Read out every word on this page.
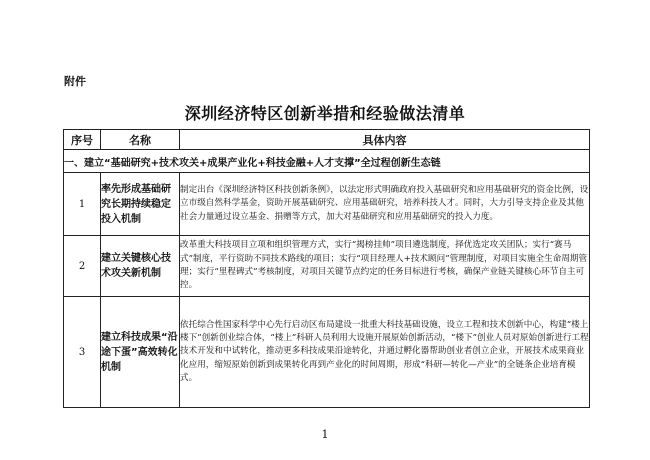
附件
深圳经济特区创新举措和经验做法清单
序号	名称	具体内容
一、建立“基础研究+技术攻关+成果产业化+科技金融+人才支撑”全过程创新生态链		
1	率先形成基础研究长期持续稳定投入机制	制定出台《深圳经济特区科技创新条例》，以法定形式明确政府投入基础研究和应用基础研究的资金比例，设立市级自然科学基金，资助开展基础研究、应用基础研究，培养科技人才。同时，大力引导支持企业及其他社会力量通过设立基金、捐赠等方式，加大对基础研究和应用基础研究的投入力度。
2	建立关键核心技术攻关新机制	改革重大科技项目立项和组织管理方式，实行“揭榜挂帅”项目遴选制度，择优选定攻关团队；实行“赛马式”制度，平行资助不同技术路线的项目；实行“项目经理人+技术顾问”管理制度，对项目实施全生命周期管理；实行“里程碑式”考核制度，对项目关键节点约定的任务目标进行考核，确保产业链关键核心环节自主可控。
3	建立科技成果“沿途下蛋”高效转化机制	依托综合性国家科学中心先行启动区布局建设一批重大科技基础设施，设立工程和技术创新中心，构建“楼上楼下”创新创业综合体，“楼上”科研人员利用大设施开展原始创新活动，“楼下”创业人员对原始创新进行工程技术开发和中试转化，推动更多科技成果沿途转化，并通过孵化器帮助创业者创立企业，开展技术成果商业化应用，缩短原始创新到成果转化再到产业化的时间周期，形成“科研—转化—产业”的全链条企业培育模式。
1
